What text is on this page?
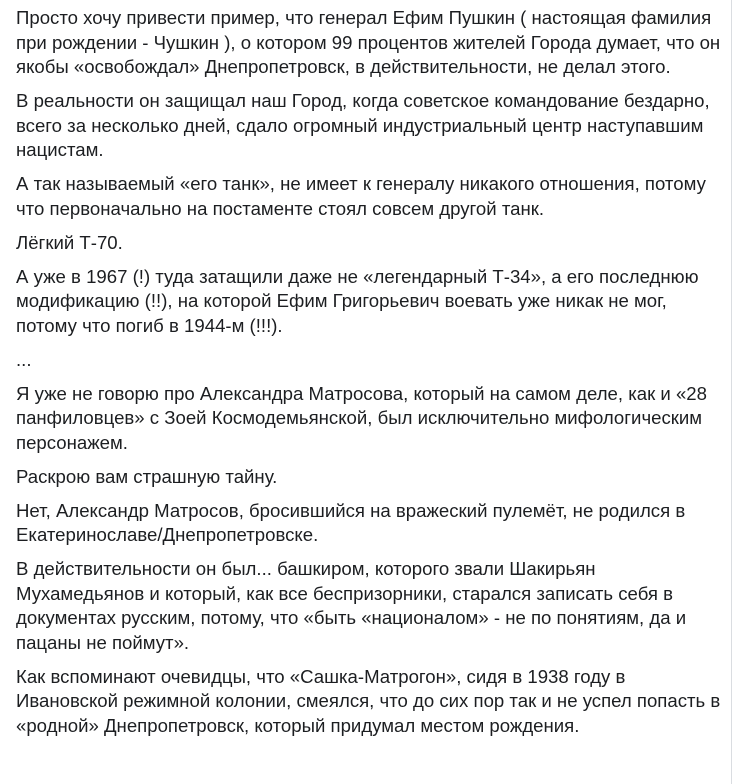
Просто хочу привести пример, что генерал Ефим Пушкин ( настоящая фамилия при рождении - Чушкин ), о котором 99 процентов жителей Города думает, что он якобы «освобождал» Днепропетровск, в действительности, не делал этого.

В реальности он защищал наш Город, когда советское командование бездарно, всего за несколько дней, сдало огромный индустриальный центр наступавшим нацистам.

А так называемый «его танк», не имеет к генералу никакого отношения, потому что первоначально на постаменте стоял совсем другой танк.

Лёгкий Т-70.

А уже в 1967 (!) туда затащили даже не «легендарный Т-34», а его последнюю модификацию (!!), на которой Ефим Григорьевич воевать уже никак не мог, потому что погиб в 1944-м (!!!).

...

Я уже не говорю про Александра Матросова, который на самом деле, как и «28 панфиловцев» с Зоей Космодемьянской, был исключительно мифологическим персонажем.

Раскрою вам страшную тайну.

Нет, Александр Матросов, бросившийся на вражеский пулемёт, не родился в Екатеринославе/Днепропетровске.

В действительности он был... башкиром, которого звали Шакирьян Мухамедьянов и который, как все беспризорники, старался записать себя в документах русским, потому, что «быть «националом» - не по понятиям, да и пацаны не поймут».

Как вспоминают очевидцы, что «Сашка-Матрогон», сидя в 1938 году в Ивановской режимной колонии, смеялся, что до сих пор так и не успел попасть в «родной» Днепропетровск, который придумал местом рождения.
